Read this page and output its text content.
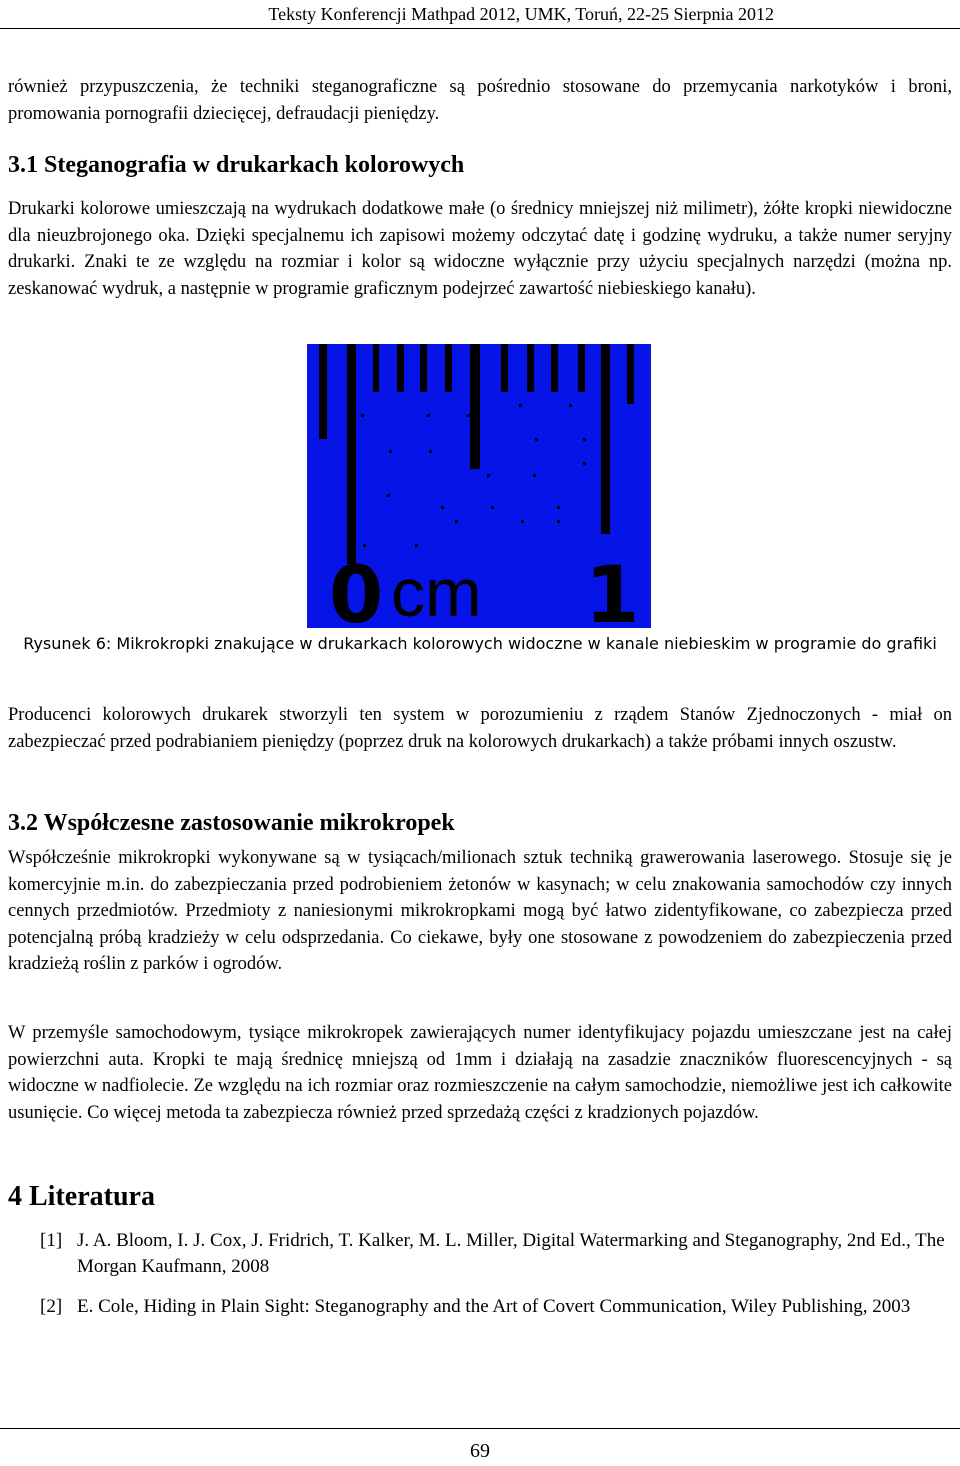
Teksty Konferencji Mathpad 2012, UMK, Toruń, 22-25 Sierpnia 2012

również przypuszczenia, że techniki steganograficzne są pośrednio stosowane do przemycania narkotyków i broni, promowania pornografii dziecięcej, defraudacji pieniędzy.

3.1 Steganografia w drukarkach kolorowych

Drukarki kolorowe umieszczają na wydrukach dodatkowe małe (o średnicy mniejszej niż milimetr), żółte kropki niewidoczne dla nieuzbrojonego oka. Dzięki specjalnemu ich zapisowi możemy odczytać datę i godzinę wydruku, a także numer seryjny drukarki. Znaki te ze względu na rozmiar i kolor są widoczne wyłącznie przy użyciu specjalnych narzędzi (można np. zeskanować wydruk, a następnie w programie graficznym podejrzeć zawartość niebieskiego kanału).

0 cm 1
Rysunek 6: Mikrokropki znakujące w drukarkach kolorowych widoczne w kanale niebieskim w programie do grafiki

Producenci kolorowych drukarek stworzyli ten system w porozumieniu z rządem Stanów Zjednoczonych - miał on zabezpieczać przed podrabianiem pieniędzy (poprzez druk na kolorowych drukarkach) a także próbami innych oszustw.

3.2 Współczesne zastosowanie mikrokropek

Współcześnie mikrokropki wykonywane są w tysiącach/milionach sztuk techniką grawerowania laserowego. Stosuje się je komercyjnie m.in. do zabezpieczania przed podrobieniem żetonów w kasynach; w celu znakowania samochodów czy innych cennych przedmiotów. Przedmioty z naniesionymi mikrokropkami mogą być łatwo zidentyfikowane, co zabezpiecza przed potencjalną próbą kradzieży w celu odsprzedania. Co ciekawe, były one stosowane z powodzeniem do zabezpieczenia przed kradzieżą roślin z parków i ogrodów.

W przemyśle samochodowym, tysiące mikrokropek zawierających numer identyfikujacy pojazdu umieszczane jest na całej powierzchni auta. Kropki te mają średnicę mniejszą od 1mm i działają na zasadzie znaczników fluorescencyjnych - są widoczne w nadfiolecie. Ze względu na ich rozmiar oraz rozmieszczenie na całym samochodzie, niemożliwe jest ich całkowite usunięcie. Co więcej metoda ta zabezpiecza również przed sprzedażą części z kradzionych pojazdów.

4 Literatura
[1] J. A. Bloom, I. J. Cox, J. Fridrich, T. Kalker, M. L. Miller, Digital Watermarking and Steganography, 2nd Ed., The Morgan Kaufmann, 2008
[2] E. Cole, Hiding in Plain Sight: Steganography and the Art of Covert Communication, Wiley Publishing, 2003
69
